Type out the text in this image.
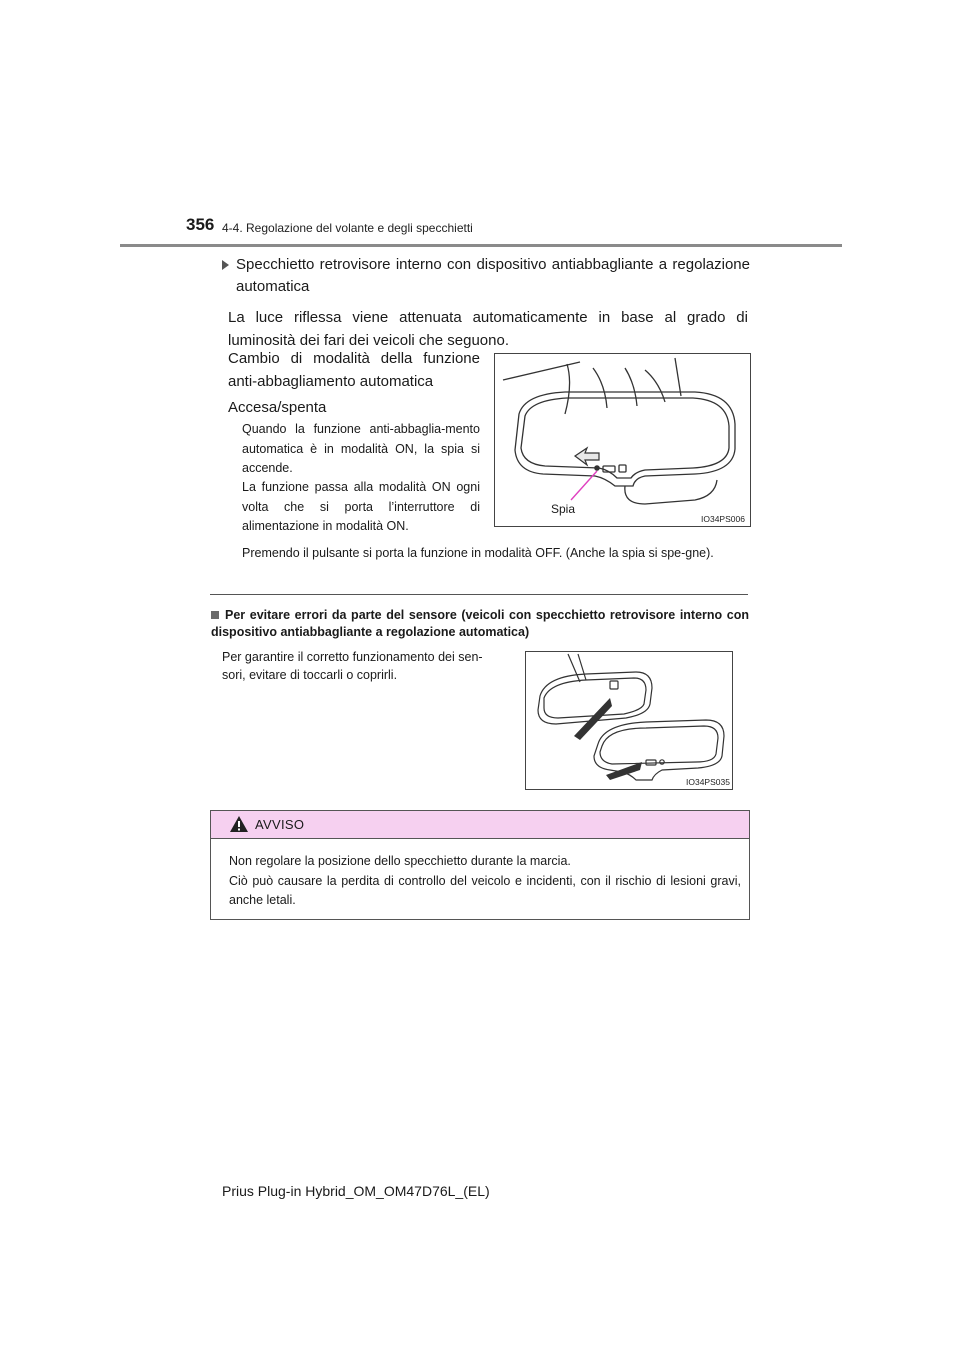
356 4-4. Regolazione del volante e degli specchietti
Specchietto retrovisore interno con dispositivo antiabbagliante a regolazione automatica
La luce riflessa viene attenuata automaticamente in base al grado di luminosità dei fari dei veicoli che seguono.
Cambio di modalità della funzione anti-abbagliamento automatica
Accesa/spenta
Quando la funzione anti-abbaglia-mento automatica è in modalità ON, la spia si accende.
La funzione passa alla modalità ON ogni volta che si porta l’interruttore di alimentazione in modalità ON.
Premendo il pulsante si porta la funzione in modalità OFF. (Anche la spia si spe-gne).
Spia
IO34PS006
Per evitare errori da parte del sensore (veicoli con specchietto retrovisore interno con dispositivo antiabbagliante a regolazione automatica)
Per garantire il corretto funzionamento dei sen-
sori, evitare di toccarli o coprirli.
IO34PS035
AVVISO
Non regolare la posizione dello specchietto durante la marcia.
Ciò può causare la perdita di controllo del veicolo e incidenti, con il rischio di lesioni gravi, anche letali.
Prius Plug-in Hybrid_OM_OM47D76L_(EL)
